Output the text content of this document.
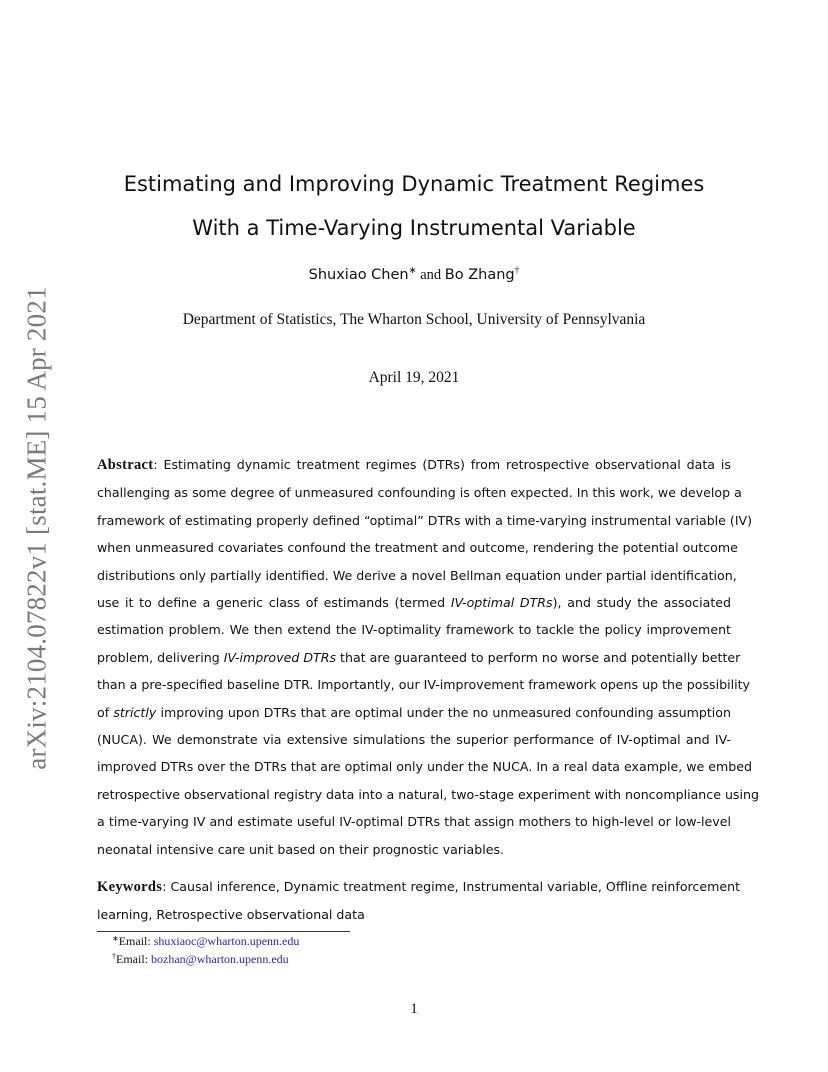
arXiv:2104.07822v1 [stat.ME] 15 Apr 2021
Estimating and Improving Dynamic Treatment Regimes
With a Time-Varying Instrumental Variable
Shuxiao Chen∗ and Bo Zhang†
Department of Statistics, The Wharton School, University of Pennsylvania
April 19, 2021
Abstract: Estimating dynamic treatment regimes (DTRs) from retrospective observational data is
challenging as some degree of unmeasured confounding is often expected. In this work, we develop a
framework of estimating properly defined “optimal” DTRs with a time-varying instrumental variable (IV)
when unmeasured covariates confound the treatment and outcome, rendering the potential outcome
distributions only partially identified. We derive a novel Bellman equation under partial identification,
use it to define a generic class of estimands (termed IV-optimal DTRs), and study the associated
estimation problem. We then extend the IV-optimality framework to tackle the policy improvement
problem, delivering IV-improved DTRs that are guaranteed to perform no worse and potentially better
than a pre-specified baseline DTR. Importantly, our IV-improvement framework opens up the possibility
of strictly improving upon DTRs that are optimal under the no unmeasured confounding assumption
(NUCA). We demonstrate via extensive simulations the superior performance of IV-optimal and IV-
improved DTRs over the DTRs that are optimal only under the NUCA. In a real data example, we embed
retrospective observational registry data into a natural, two-stage experiment with noncompliance using
a time-varying IV and estimate useful IV-optimal DTRs that assign mothers to high-level or low-level
neonatal intensive care unit based on their prognostic variables.
Keywords: Causal inference, Dynamic treatment regime, Instrumental variable, Offline reinforcement
learning, Retrospective observational data
∗Email: shuxiaoc@wharton.upenn.edu
†Email: bozhan@wharton.upenn.edu
1
